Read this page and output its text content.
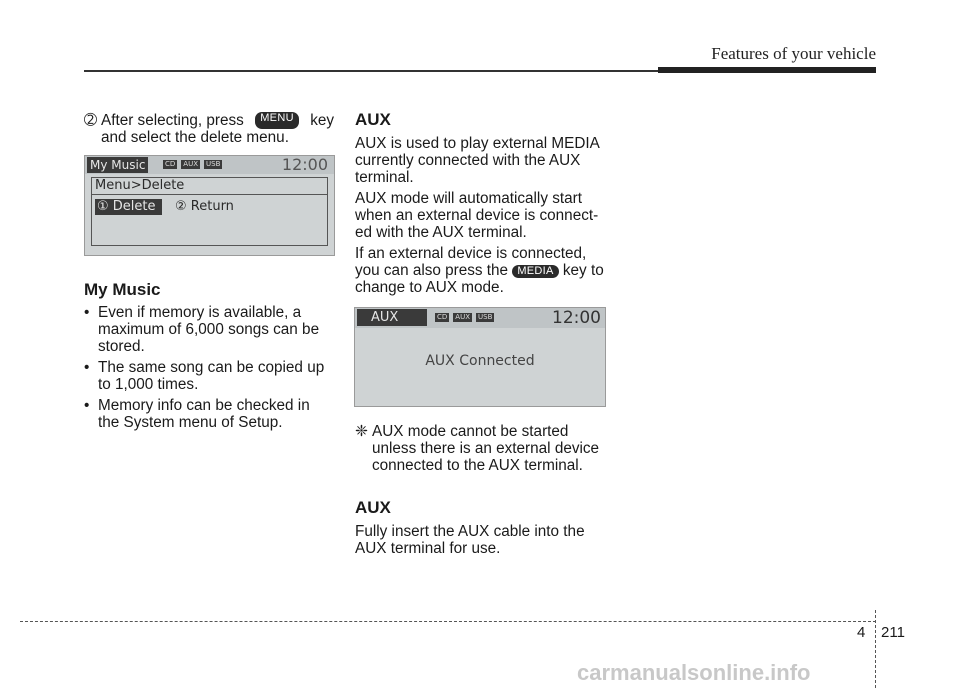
Features of your vehicle

➁ After selecting, press	MENU	key
and select the delete menu.

My Music	CD AUX USB	12:00
Menu>Delete
① Delete	② Return

My Music

• Even if memory is available, a maximum of 6,000 songs can be stored.
• The same song can be copied up to 1,000 times.
• Memory info can be checked in the System menu of Setup.

AUX

AUX is used to play external MEDIA currently connected with the AUX terminal.

AUX mode will automatically start when an external device is connect-ed with the AUX terminal.

If an external device is connected, you can also press the MEDIA key to change to AUX mode.

AUX	CD AUX USB	12:00
AUX Connected
❈ AUX mode cannot be started unless there is an external device connected to the AUX terminal.

AUX

Fully insert the AUX cable into the AUX terminal for use.

4 211
carmanualsonline.info
